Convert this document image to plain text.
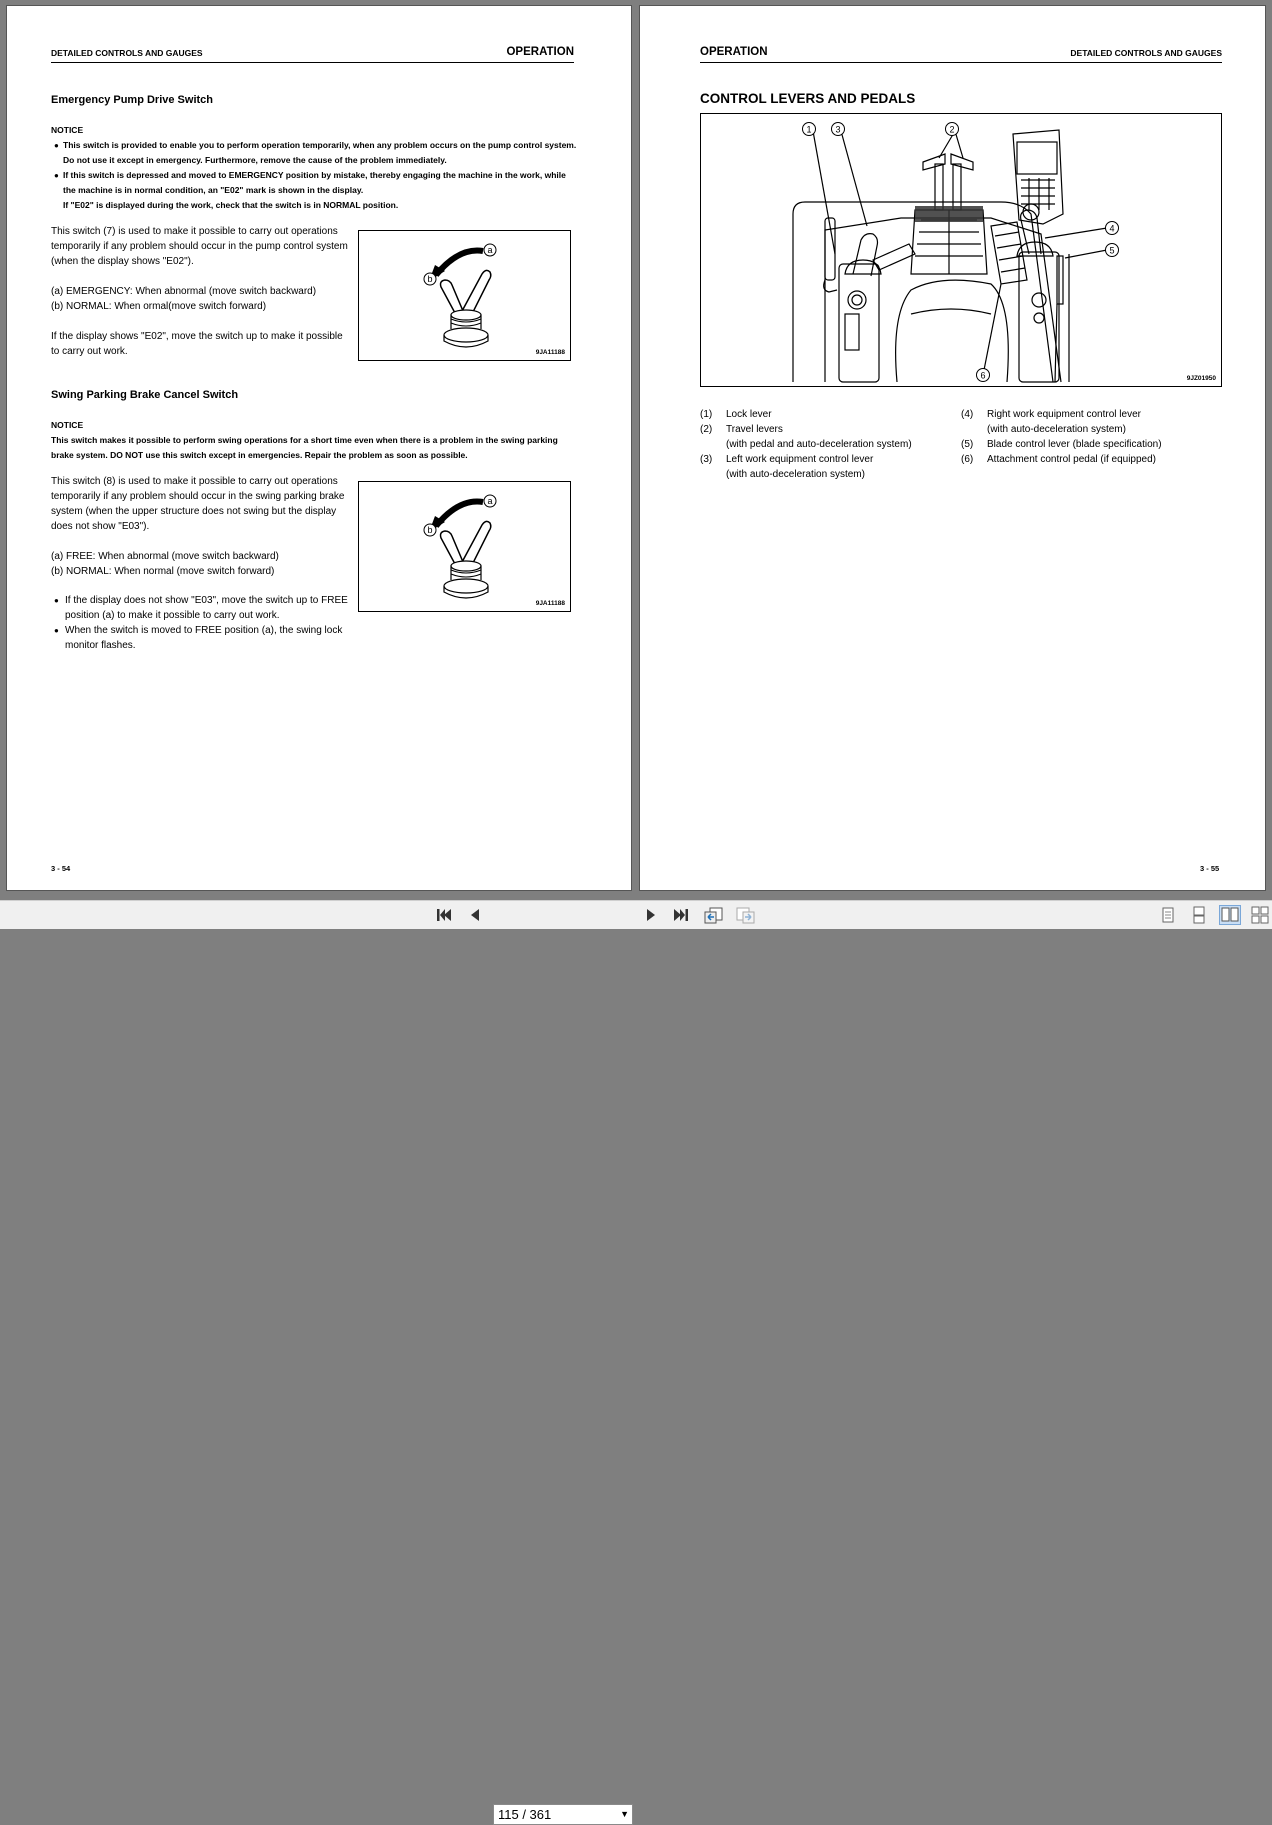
DETAILED CONTROLS AND GAUGES	OPERATION
Emergency Pump Drive Switch
NOTICE
● This switch is provided to enable you to perform operation temporarily, when any problem occurs on the pump control system.
Do not use it except in emergency. Furthermore, remove the cause of the problem immediately.
● If this switch is depressed and moved to EMERGENCY position by mistake, thereby engaging the machine in the work, while
the machine is in normal condition, an "E02" mark is shown in the display.
If "E02" is displayed during the work, check that the switch is in NORMAL position.
This switch (7) is used to make it possible to carry out operations
temporarily if any problem should occur in the pump control system
(when the display shows "E02").
(a) EMERGENCY: When abnormal (move switch backward)
(b) NORMAL: When ormal(move switch forward)
If the display shows "E02", move the switch up to make it possible
to carry out work.
a
b
9JA11188
Swing Parking Brake Cancel Switch
NOTICE
This switch makes it possible to perform swing operations for a short time even when there is a problem in the swing parking
brake system. DO NOT use this switch except in emergencies. Repair the problem as soon as possible.
This switch (8) is used to make it possible to carry out operations
temporarily if any problem should occur in the swing parking brake
system (when the upper structure does not swing but the display
does not show "E03").
(a) FREE: When abnormal (move switch backward)
(b) NORMAL: When normal (move switch forward)
● If the display does not show "E03", move the switch up to FREE
position (a) to make it possible to carry out work.
● When the switch is moved to FREE position (a), the swing lock
monitor flashes.
a
b
9JA11188
3 - 54
OPERATION	DETAILED CONTROLS AND GAUGES
CONTROL LEVERS AND PEDALS
1	3	2
4
5
6	9JZ01950
(1) Lock lever
(2) Travel levers
(with pedal and auto-deceleration system)
(3) Left work equipment control lever
(with auto-deceleration system)
(4) Right work equipment control lever
(with auto-deceleration system)
(5) Blade control lever (blade specification)
(6) Attachment control pedal (if equipped)
3 - 55
115 / 361	▼
